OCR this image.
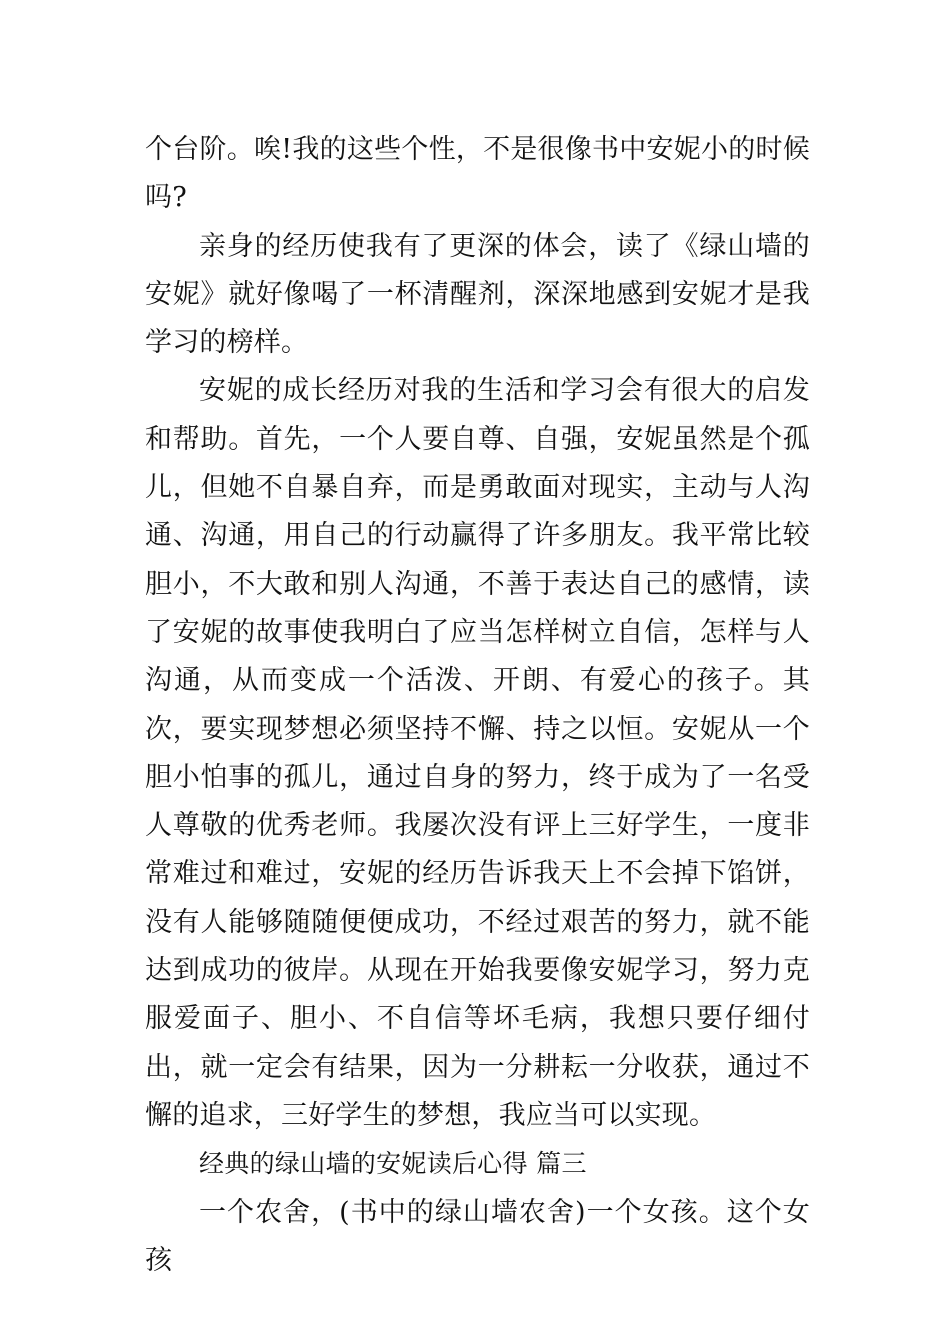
个台阶。唉!我的这些个性，不是很像书中安妮小的时候吗?

亲身的经历使我有了更深的体会，读了《绿山墙的安妮》就好像喝了一杯清醒剂，深深地感到安妮才是我学习的榜样。

安妮的成长经历对我的生活和学习会有很大的启发和帮助。首先，一个人要自尊、自强，安妮虽然是个孤儿，但她不自暴自弃，而是勇敢面对现实，主动与人沟通、沟通，用自己的行动赢得了许多朋友。我平常比较胆小，不大敢和别人沟通，不善于表达自己的感情，读了安妮的故事使我明白了应当怎样树立自信，怎样与人沟通，从而变成一个活泼、开朗、有爱心的孩子。其次，要实现梦想必须坚持不懈、持之以恒。安妮从一个胆小怕事的孤儿，通过自身的努力，终于成为了一名受人尊敬的优秀老师。我屡次没有评上三好学生，一度非常难过和难过，安妮的经历告诉我天上不会掉下馅饼，没有人能够随随便便成功，不经过艰苦的努力，就不能达到成功的彼岸。从现在开始我要像安妮学习，努力克服爱面子、胆小、不自信等坏毛病，我想只要仔细付出，就一定会有结果，因为一分耕耘一分收获，通过不懈的追求，三好学生的梦想，我应当可以实现。

经典的绿山墙的安妮读后心得 篇三

一个农舍，(书中的绿山墙农舍)一个女孩。这个女孩
